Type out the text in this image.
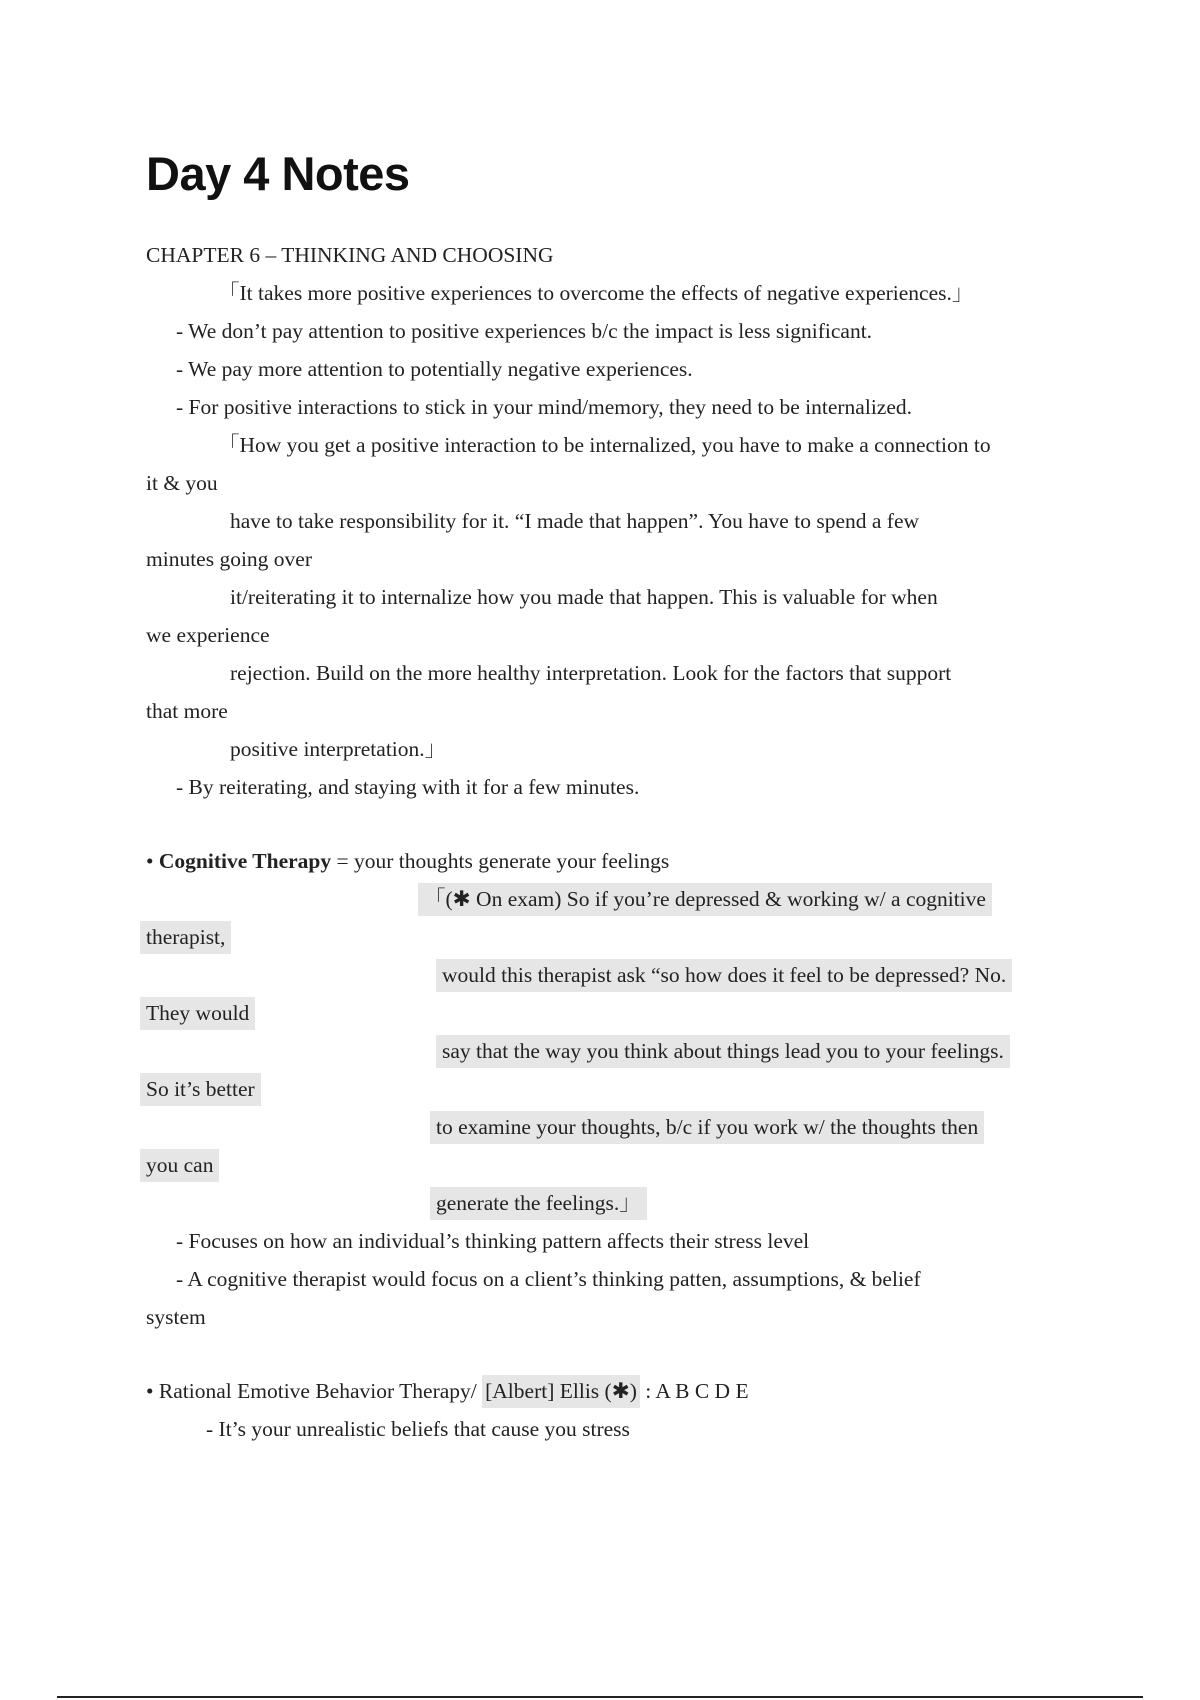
Day 4 Notes
CHAPTER 6 – THINKING AND CHOOSING
「It takes more positive experiences to overcome the effects of negative experiences.」
- We don’t pay attention to positive experiences b/c the impact is less significant.
- We pay more attention to potentially negative experiences.
- For positive interactions to stick in your mind/memory, they need to be internalized.
「How you get a positive interaction to be internalized, you have to make a connection to
it & you
have to take responsibility for it. “I made that happen”. You have to spend a few
minutes going over
it/reiterating it to internalize how you made that happen. This is valuable for when
we experience
rejection. Build on the more healthy interpretation. Look for the factors that support
that more
positive interpretation.」
- By reiterating, and staying with it for a few minutes.
• Cognitive Therapy = your thoughts generate your feelings
「(✱ On exam) So if you’re depressed & working w/ a cognitive
therapist,
would this therapist ask “so how does it feel to be depressed? No.
They would
say that the way you think about things lead you to your feelings.
So it’s better
to examine your thoughts, b/c if you work w/ the thoughts then
you can
generate the feelings.」
- Focuses on how an individual’s thinking pattern affects their stress level
- A cognitive therapist would focus on a client’s thinking patten, assumptions, & belief
system
• Rational Emotive Behavior Therapy/ [Albert] Ellis (✱) : A B C D E
- It’s your unrealistic beliefs that cause you stress
